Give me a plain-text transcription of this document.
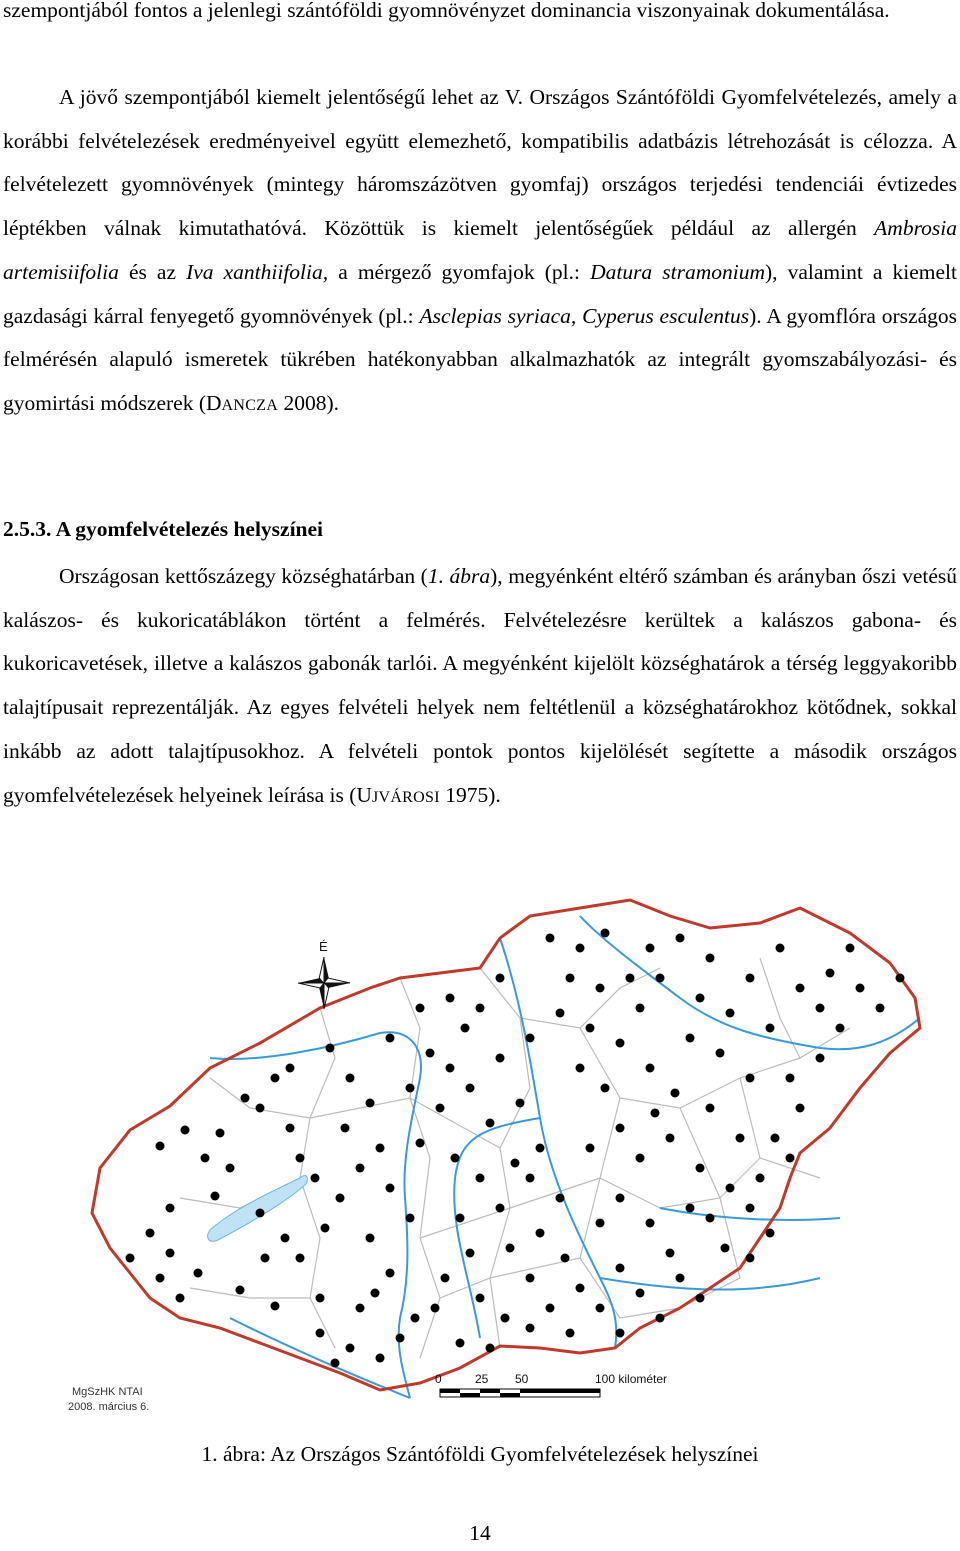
szempontjából fontos a jelenlegi szántóföldi gyomnövényzet dominancia viszonyainak dokumentálása.

A jövő szempontjából kiemelt jelentőségű lehet az V. Országos Szántóföldi Gyomfelvételezés, amely a korábbi felvételezések eredményeivel együtt elemezhető, kompatibilis adatbázis létrehozását is célozza. A felvételezett gyomnövények (mintegy háromszázötven gyomfaj) országos terjedési tendenciái évtizedes léptékben válnak kimutathatóvá. Közöttük is kiemelt jelentőségűek például az allergén Ambrosia artemisiifolia és az Iva xanthiifolia, a mérgező gyomfajok (pl.: Datura stramonium), valamint a kiemelt gazdasági kárral fenyegető gyomnövények (pl.: Asclepias syriaca, Cyperus esculentus). A gyomflóra országos felmérésén alapuló ismeretek tükrében hatékonyabban alkalmazhatók az integrált gyomszabályozási- és gyomirtási módszerek (DANCZA 2008).

2.5.3. A gyomfelvételezés helyszínei

Országosan kettőszázegy községhatárban (1. ábra), megyénként eltérő számban és arányban őszi vetésű kalászos- és kukoricatáblákon történt a felmérés. Felvételezésre kerültek a kalászos gabona- és kukoricavetések, illetve a kalászos gabonák tarlói. A megyénként kijelölt községhatárok a térség leggyakoribb talajtípusait reprezentálják. Az egyes felvételi helyek nem feltétlenül a községhatárokhoz kötődnek, sokkal inkább az adott talajtípusokhoz. A felvételi pontok pontos kijelölését segítette a második országos gyomfelvételezések helyeinek leírása is (UJVÁROSI 1975).

É
MgSzHK NTAI
2008. március 6.
0	25 50	100 kilométer
1. ábra: Az Országos Szántóföldi Gyomfelvételezések helyszínei
14
